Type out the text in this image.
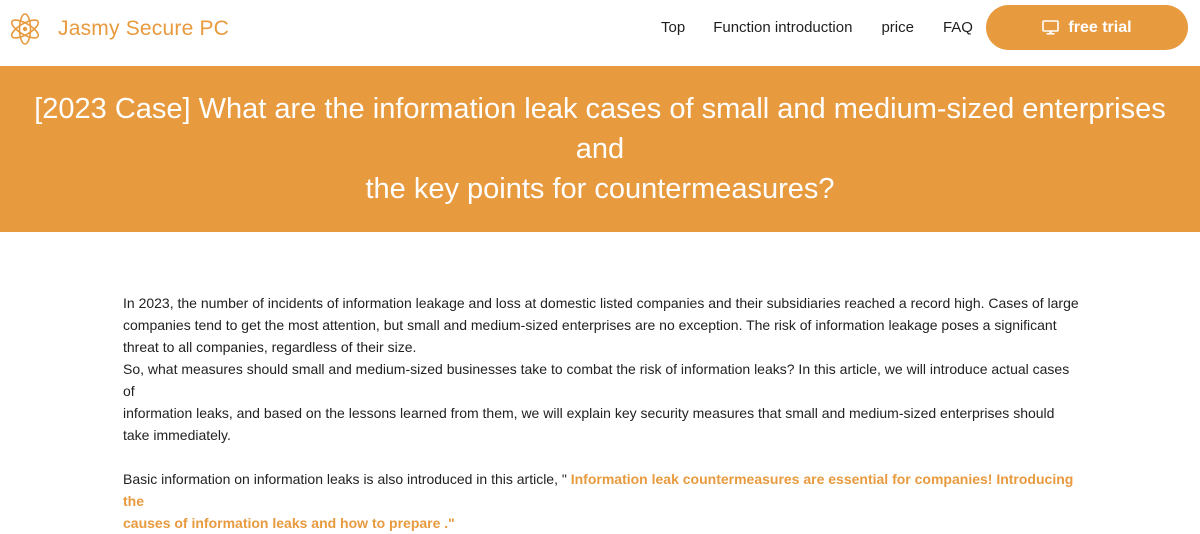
Jasmy Secure PC	Top Function introduction price FAQ	free trial
[2023 Case] What are the information leak cases of small and medium-sized enterprises and
the key points for countermeasures?

In 2023, the number of incidents of information leakage and loss at domestic listed companies and their subsidiaries reached a record high. Cases of large
companies tend to get the most attention, but small and medium-sized enterprises are no exception. The risk of information leakage poses a significant
threat to all companies, regardless of their size.
So, what measures should small and medium-sized businesses take to combat the risk of information leaks? In this article, we will introduce actual cases of
information leaks, and based on the lessons learned from them, we will explain key security measures that small and medium-sized enterprises should
take immediately.

Basic information on information leaks is also introduced in this article, " Information leak countermeasures are essential for companies! Introducing the
causes of information leaks and how to prepare ."
